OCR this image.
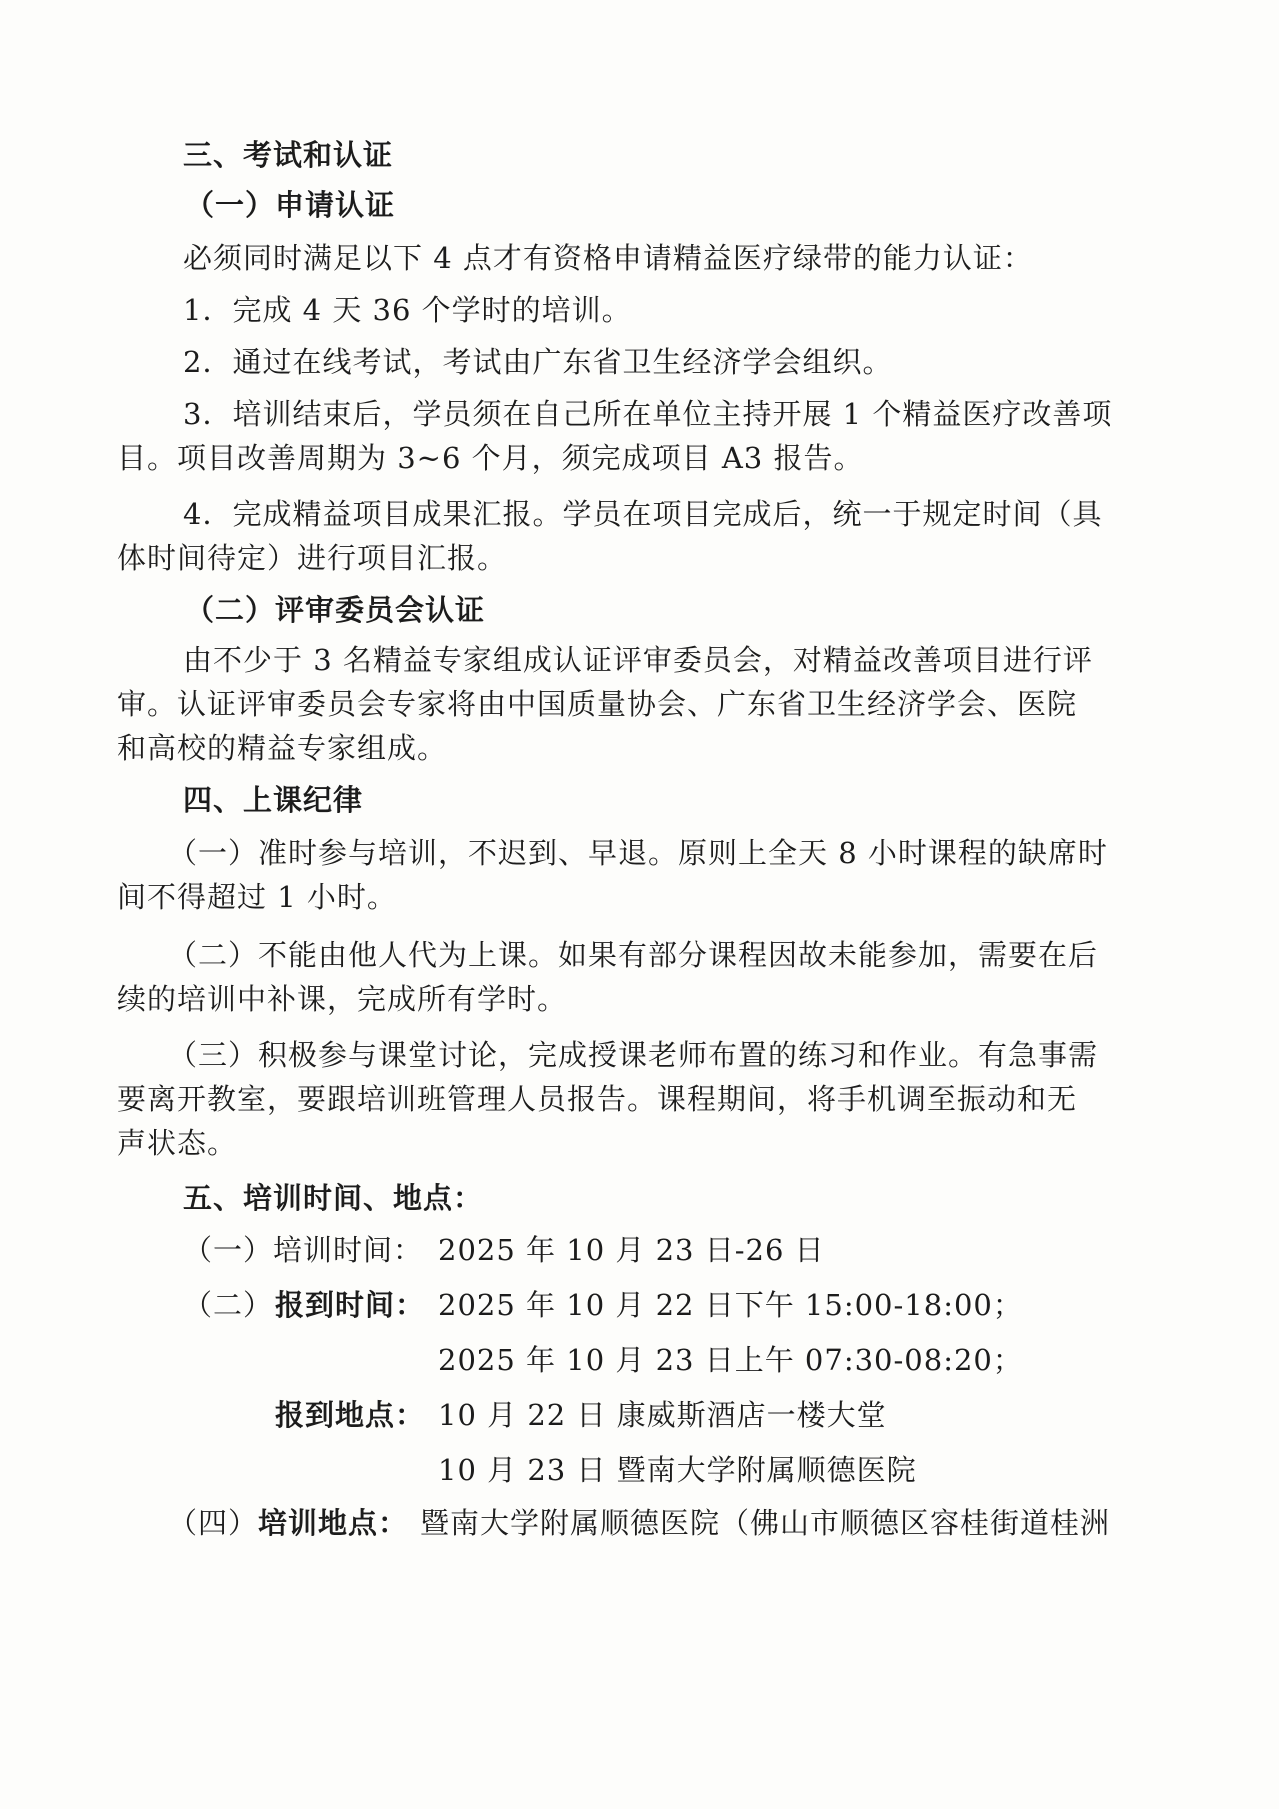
三、考试和认证
（一）申请认证
必须同时满足以下 4 点才有资格申请精益医疗绿带的能力认证：
1．完成 4 天 36 个学时的培训。
2．通过在线考试，考试由广东省卫生经济学会组织。
3．培训结束后，学员须在自己所在单位主持开展 1 个精益医疗改善项
目。项目改善周期为 3~6 个月，须完成项目 A3 报告。
4．完成精益项目成果汇报。学员在项目完成后，统一于规定时间（具
体时间待定）进行项目汇报。
（二）评审委员会认证
由不少于 3 名精益专家组成认证评审委员会，对精益改善项目进行评
审。认证评审委员会专家将由中国质量协会、广东省卫生经济学会、医院
和高校的精益专家组成。
四、上课纪律
（一）准时参与培训，不迟到、早退。原则上全天 8 小时课程的缺席时
间不得超过 1 小时。
（二）不能由他人代为上课。如果有部分课程因故未能参加，需要在后
续的培训中补课，完成所有学时。
（三）积极参与课堂讨论，完成授课老师布置的练习和作业。有急事需
要离开教室，要跟培训班管理人员报告。课程期间，将手机调至振动和无
声状态。
五、培训时间、地点：
（一）培训时间： 2025 年 10 月 23 日-26 日
（二） 报到时间： 2025 年 10 月 22 日下午 15:00-18:00；
2025 年 10 月 23 日上午 07:30-08:20；
报到地点： 10 月 22 日 康威斯酒店一楼大堂
10 月 23 日 暨南大学附属顺德医院
（四） 培训地点： 暨南大学附属顺德医院（佛山市顺德区容桂街道桂洲
